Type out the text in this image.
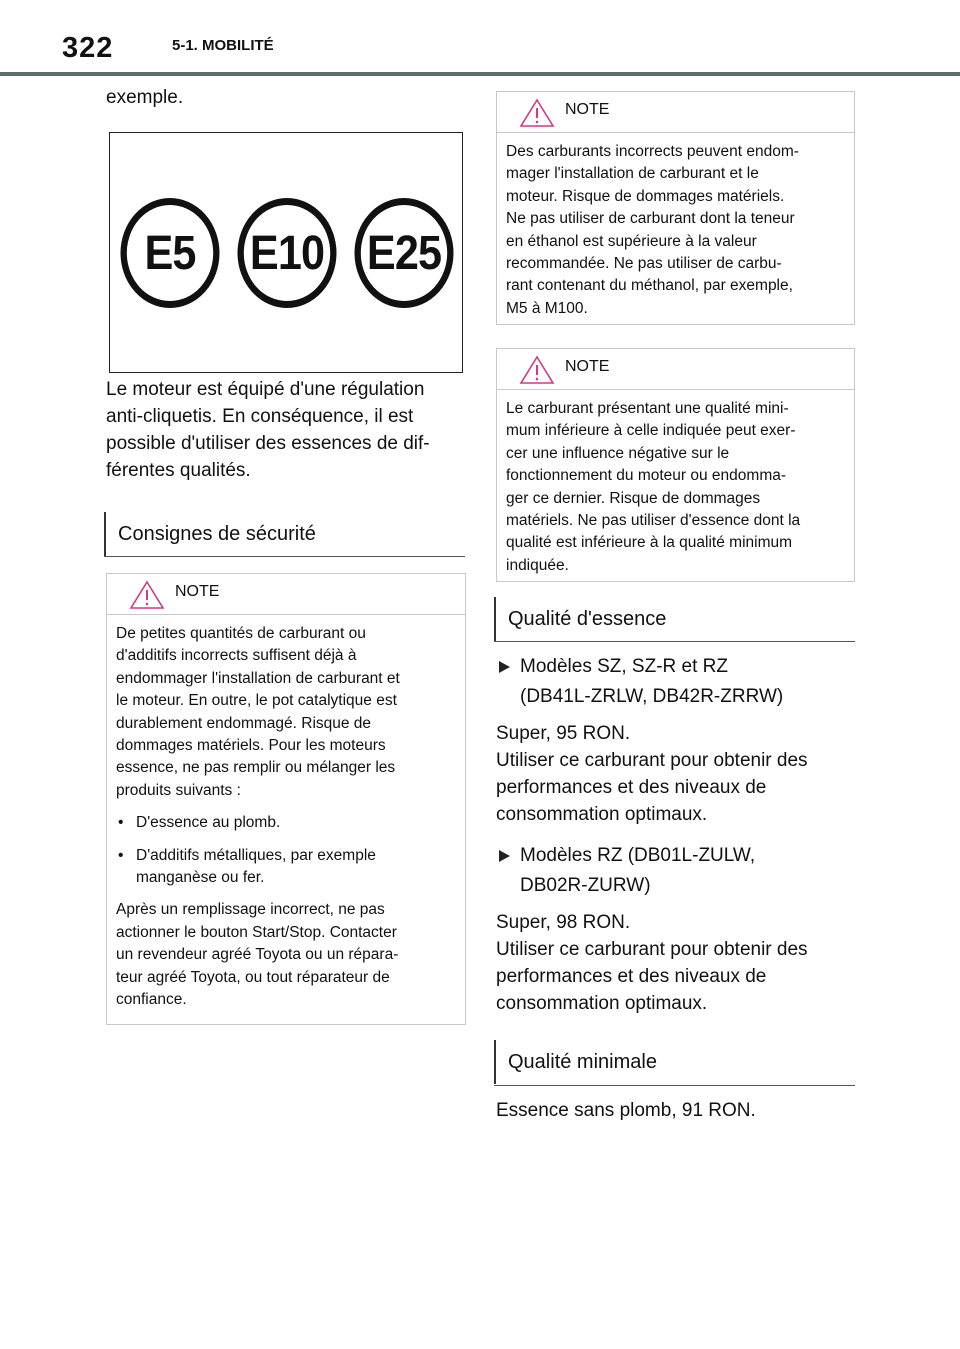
322	5-1. MOBILITÉ
exemple.
E5	E10 E25
Le moteur est équipé d'une régulation
anti-cliquetis. En conséquence, il est
possible d'utiliser des essences de dif-
férentes qualités.
Consignes de sécurité
NOTE

De petites quantités de carburant ou
d'additifs incorrects suffisent déjà à
endommager l'installation de carburant et
le moteur. En outre, le pot catalytique est
durablement endommagé. Risque de
dommages matériels. Pour les moteurs
essence, ne pas remplir ou mélanger les
produits suivants :

• D'essence au plomb.
• D'additifs métalliques, par exemple
manganèse ou fer.

Après un remplissage incorrect, ne pas
actionner le bouton Start/Stop. Contacter
un revendeur agréé Toyota ou un répara-
teur agréé Toyota, ou tout réparateur de
confiance.

NOTE
Des carburants incorrects peuvent endom-
mager l'installation de carburant et le
moteur. Risque de dommages matériels.
Ne pas utiliser de carburant dont la teneur
en éthanol est supérieure à la valeur
recommandée. Ne pas utiliser de carbu-
rant contenant du méthanol, par exemple,
M5 à M100.
NOTE
Le carburant présentant une qualité mini-
mum inférieure à celle indiquée peut exer-
cer une influence négative sur le
fonctionnement du moteur ou endomma-
ger ce dernier. Risque de dommages
matériels. Ne pas utiliser d'essence dont la
qualité est inférieure à la qualité minimum
indiquée.
Qualité d'essence
Modèles SZ, SZ-R et RZ
(DB41L-ZRLW, DB42R-ZRRW)
Super, 95 RON.
Utiliser ce carburant pour obtenir des
performances et des niveaux de
consommation optimaux.
Modèles RZ (DB01L-ZULW,
DB02R-ZURW)
Super, 98 RON.
Utiliser ce carburant pour obtenir des
performances et des niveaux de
consommation optimaux.
Qualité minimale
Essence sans plomb, 91 RON.
